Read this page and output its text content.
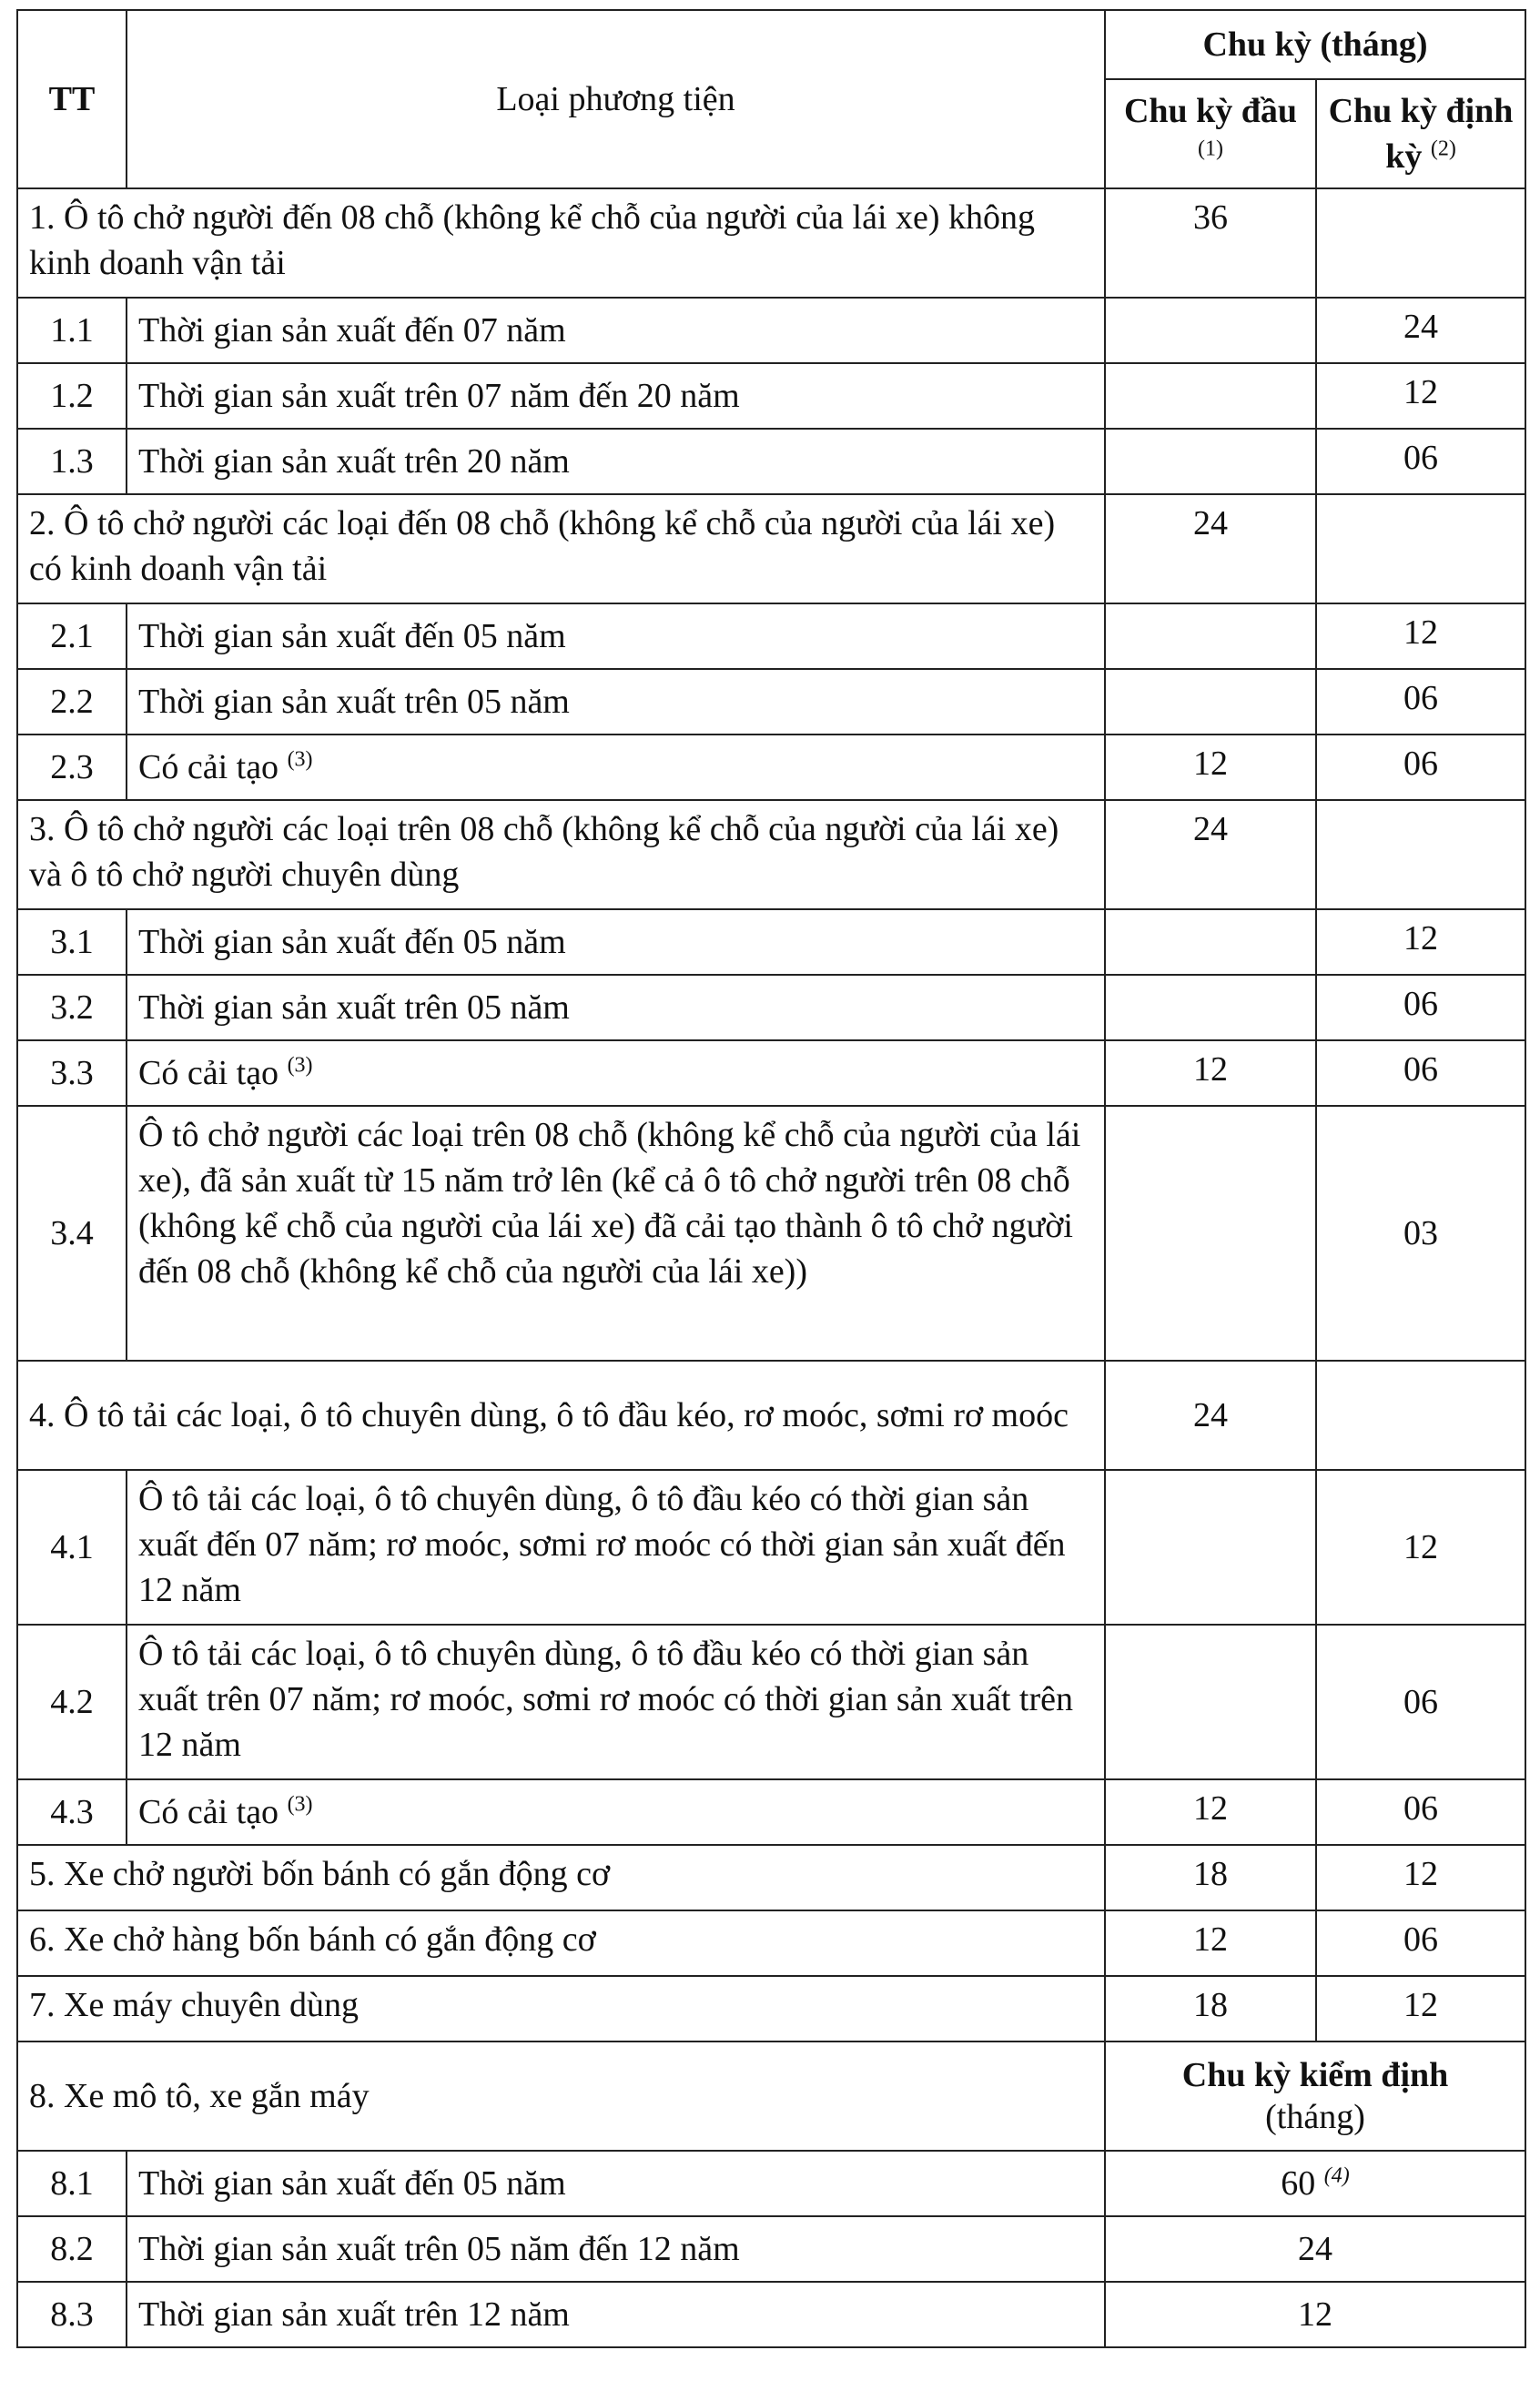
TT	Loại phương tiện	Chu kỳ (tháng)	
		Chu kỳ đầu $^{(1)}$	Chu kỳ định kỳ $^{(2)}$
1. Ô tô chở người đến 08 chỗ (không kể chỗ của người của lái xe) không kinh doanh vận tải		36	
1.1	Thời gian sản xuất đến 07 năm		24
1.2	Thời gian sản xuất trên 07 năm đến 20 năm		12
1.3	Thời gian sản xuất trên 20 năm		06
2. Ô tô chở người các loại đến 08 chỗ (không kể chỗ của người của lái xe) có kinh doanh vận tải		24	
2.1	Thời gian sản xuất đến 05 năm		12
2.2	Thời gian sản xuất trên 05 năm		06
2.3	Có cải tạo $^{(3)}$	12	06
3. Ô tô chở người các loại trên 08 chỗ (không kể chỗ của người của lái xe) và ô tô chở người chuyên dùng		24	
3.1	Thời gian sản xuất đến 05 năm		12
3.2	Thời gian sản xuất trên 05 năm		06
3.3	Có cải tạo $^{(3)}$	12	06
3.4	Ô tô chở người các loại trên 08 chỗ (không kể chỗ của người của lái xe), đã sản xuất từ 15 năm trở lên (kể cả ô tô chở người trên 08 chỗ (không kể chỗ của người của lái xe) đã cải tạo thành ô tô chở người đến 08 chỗ (không kể chỗ của người của lái xe))		03
4. Ô tô tải các loại, ô tô chuyên dùng, ô tô đầu kéo, rơ moóc, sơmi rơ moóc		24	
4.1	Ô tô tải các loại, ô tô chuyên dùng, ô tô đầu kéo có thời gian sản xuất đến 07 năm; rơ moóc, sơmi rơ moóc có thời gian sản xuất đến 12 năm		12
4.2	Ô tô tải các loại, ô tô chuyên dùng, ô tô đầu kéo có thời gian sản xuất trên 07 năm; rơ moóc, sơmi rơ moóc có thời gian sản xuất trên 12 năm		06
4.3	Có cải tạo $^{(3)}$	12	06
5. Xe chở người bốn bánh có gắn động cơ		18	12
6. Xe chở hàng bốn bánh có gắn động cơ		12	06
7. Xe máy chuyên dùng		18	12
8. Xe mô tô, xe gắn máy		Chu kỳ kiểm định
(tháng)	

8.1	Thời gian sản xuất đến 05 năm	60 $^{(4)}$
8.2	Thời gian sản xuất trên 05 năm đến 12 năm	24	
8.3	Thời gian sản xuất trên 12 năm	12	
